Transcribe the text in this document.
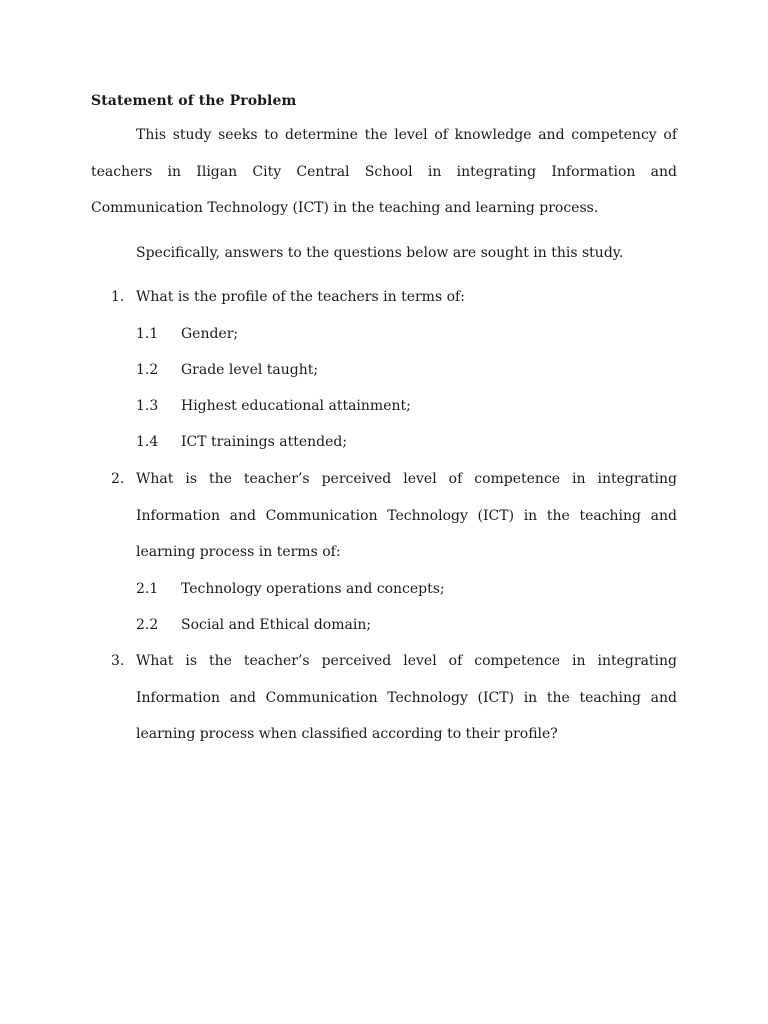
Statement of the Problem

This study seeks to determine the level of knowledge and competency of teachers in Iligan City Central School in integrating Information and Communication Technology (ICT) in the teaching and learning process.

Specifically, answers to the questions below are sought in this study.

1. What is the profile of the teachers in terms of:
1.1 Gender;
1.2 Grade level taught;
1.3 Highest educational attainment;
1.4 ICT trainings attended;
2. What is the teacher’s perceived level of competence in integrating Information and Communication Technology (ICT) in the teaching and learning process in terms of:
2.1 Technology operations and concepts;
2.2 Social and Ethical domain;
3. What is the teacher’s perceived level of competence in integrating Information and Communication Technology (ICT) in the teaching and learning process when classified according to their profile?
